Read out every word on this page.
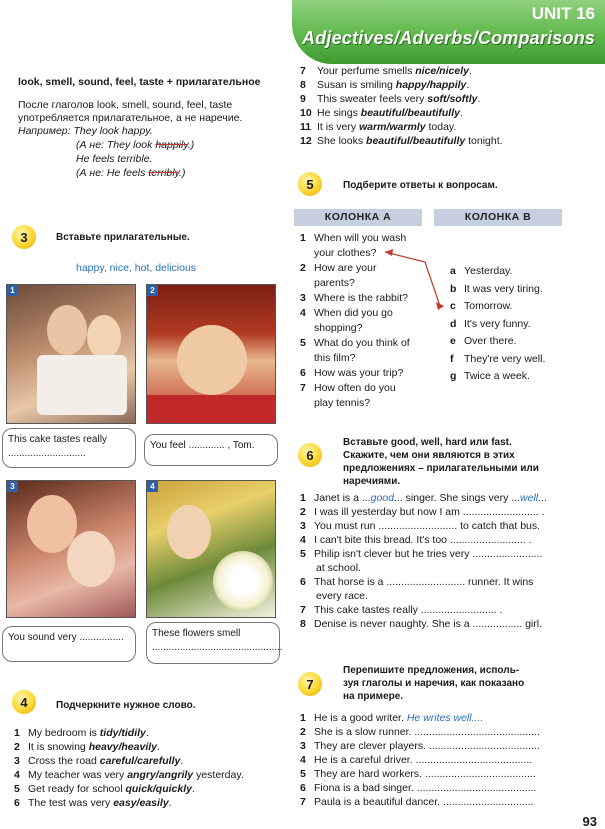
UNIT 16
Adjectives/Adverbs/Comparisons
look, smell, sound, feel, taste + прилагательное
После глаголов look, smell, sound, feel, taste
употребляется прилагательное, а не наречие.
Например: They look happy.
(А не: They look happily.)
He feels terrible.
(А не: He feels terribly.)
7 Your perfume smells nice/nicely.
8 Susan is smiling happy/happily.
9 This sweater feels very soft/softly.
10 He sings beautiful/beautifully.
11 It is very warm/warmly today.
12 She looks beautiful/beautifully tonight.
3	Вставьте прилагательные.
happy, nice, hot, delicious
1
This cake tastes really ............................
2
You feel ............. , Tom.
3
You sound very ................
4
These flowers smell ...............................................
4	Подчеркните нужное слово.
1 My bedroom is tidy/tidily.
2 It is snowing heavy/heavily.
3 Cross the road careful/carefully.
4 My teacher was very angry/angrily yesterday.
5 Get ready for school quick/quickly.
6 The test was very easy/easily.
5	Подберите ответы к вопросам.
КОЛОНКА А	КОЛОНКА В
1 When will you wash
your clothes?
2 How are your
parents?
3 Where is the rabbit?
4 When did you go
shopping?
5 What do you think of
this film?
6 How was your trip?
7 How often do you
play tennis?
a Yesterday.
b It was very tiring.
c Tomorrow.
d It's very funny.
e Over there.
f They're very well.
g Twice a week.
6
Вставьте good, well, hard или fast.
Скажите, чем они являются в этих
предложениях – прилагательными или
наречиями.
1 Janet is a ...good... singer. She sings very ...well...
2 I was ill yesterday but now I am .......................... .
3 You must run ........................... to catch that bus.
4 I can't bite this bread. It's too .......................... .
5 Philip isn't clever but he tries very ........................
at school.
6 That horse is a ........................... runner. It wins
every race.
7 This cake tastes really .......................... .
8 Denise is never naughty. She is a ................. girl.
7
Перепишите предложения, исполь-
зуя глаголы и наречия, как показано
на примере.
1 He is a good writer. He writes well....
2 She is a slow runner. ...........................................
3 They are clever players. ......................................
4 He is a careful driver. ........................................
5 They are hard workers. ......................................
6 Fiona is a bad singer. .........................................
7 Paula is a beautiful dancer. ...............................
93
